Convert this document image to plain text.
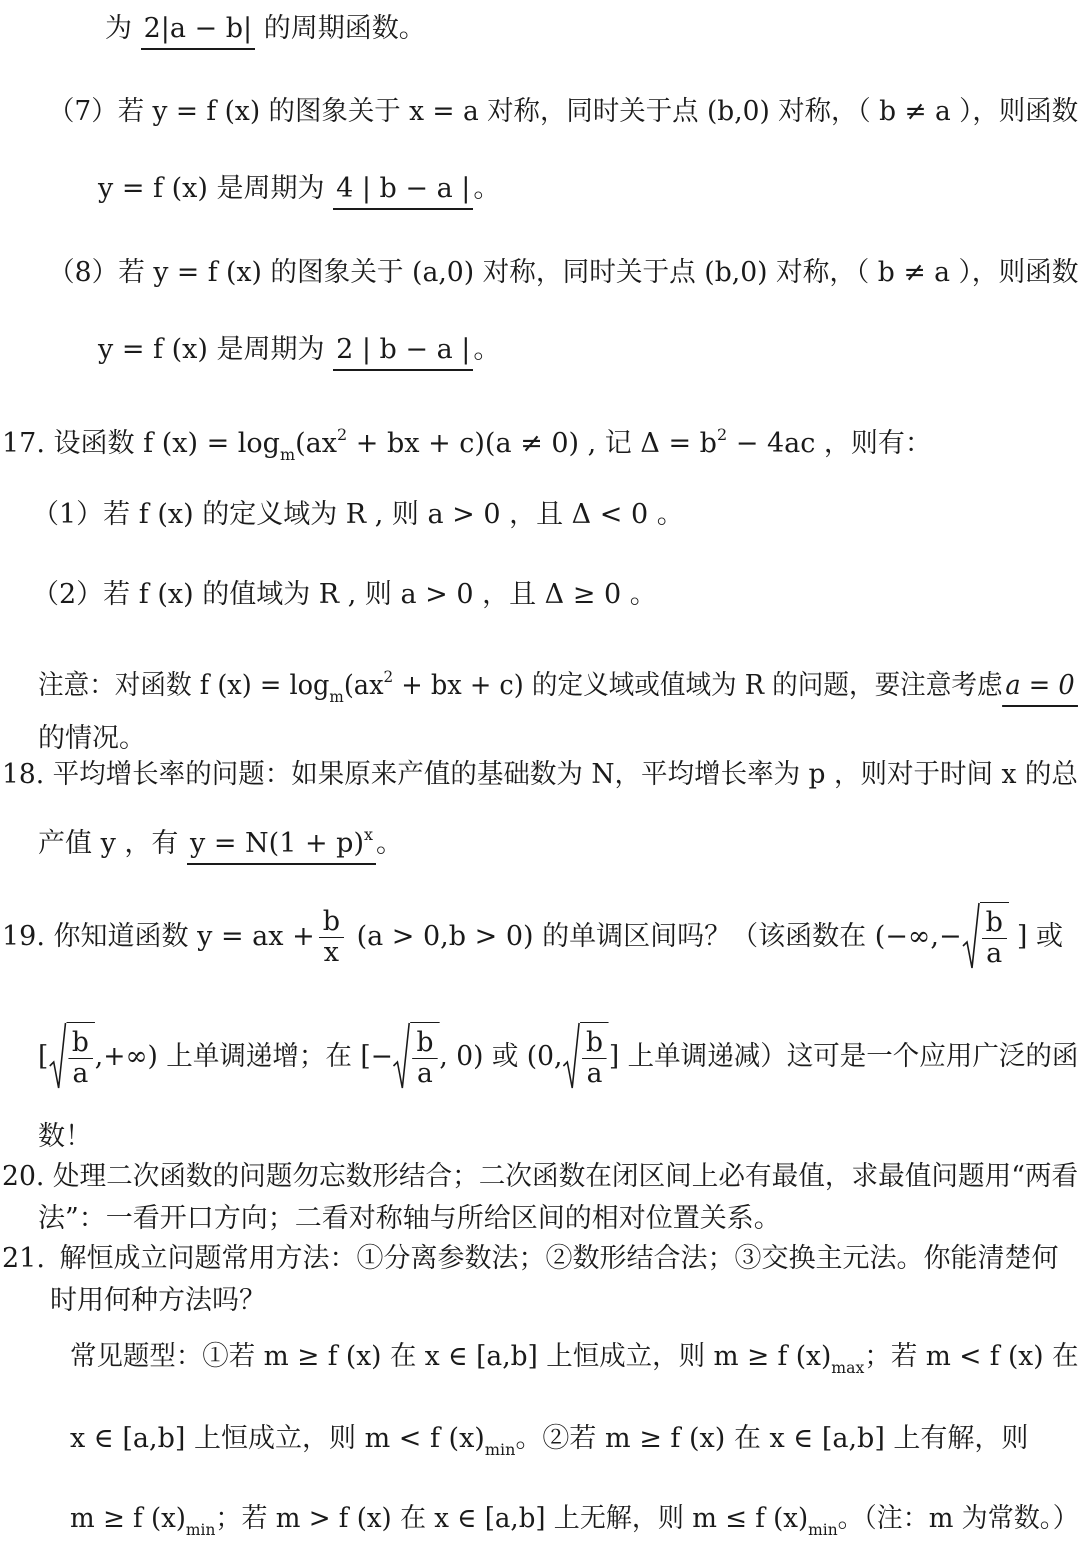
为 2|a − b| 的周期函数。
（7）若 y = f (x) 的图象关于 x = a 对称，同时关于点 (b,0) 对称，（ b ≠ a ），则函数
y = f (x) 是周期为 4 | b − a | 。
（8）若 y = f (x) 的图象关于 (a,0) 对称，同时关于点 (b,0) 对称，（ b ≠ a ），则函数
y = f (x) 是周期为 2 | b − a | 。
17. 设函数 f $(x) = \log_m(ax^2$ + bx + c)(a ≠ 0) , 记 $\Delta = b^2 - 4ac$ ，则有：
（1）若 f (x) 的定义域为 R , 则 a > 0 ，且 Δ < 0 。
（2）若 f (x) 的值域为 R , 则 a > 0 ，且 Δ ≥ 0 。
注意：对函数 f $(x) = \log_m(ax^2$ + bx + c) 的定义域或值域为 R 的问题，要注意考虑 a = 0
的情况。
18. 平均增长率的问题：如果原来产值的基础数为 N，平均增长率为 p ，则对于时间 x 的总
产值 y ，有 $y = N(1 + p)^x$ 。
19. 你知道函数 y = ax + $\frac{b}{x} (a > 0,b > 0)$ 的单调区间吗？（该函数在 (−∞,− $\frac{b}{a}$ ] 或
[ $\frac{b}{a}$ ,+∞) 上单调递增；在 [− $\frac{b}{a}$ , 0) 或 (0, $\frac{b}{a}$ ] 上单调递减）这可是一个应用广泛的函
数！
20. 处理二次函数的问题勿忘数形结合；二次函数在闭区间上必有最值，求最值问题用“两看
法”：一看开口方向；二看对称轴与所给区间的相对位置关系。
21. 解恒成立问题常用方法：①分离参数法；②数形结合法；③交换主元法。你能清楚何
时用何种方法吗？
常见题型：①若 m ≥ f (x) 在 x ∈ [a,b] 上恒成立，则 m ≥ f $(x)_{max}$；若 m < f (x) 在
x ∈ [a,b] 上恒成立，则 m < f $(x)_{min}$。②若 m ≥ f (x) 在 x ∈ [a,b] 上有解，则
m ≥ f $(x)_{min}$；若 m > f (x) 在 x ∈ [a,b] 上无解，则 m ≤ f $(x)_{min}$。（注：m 为常数。）
